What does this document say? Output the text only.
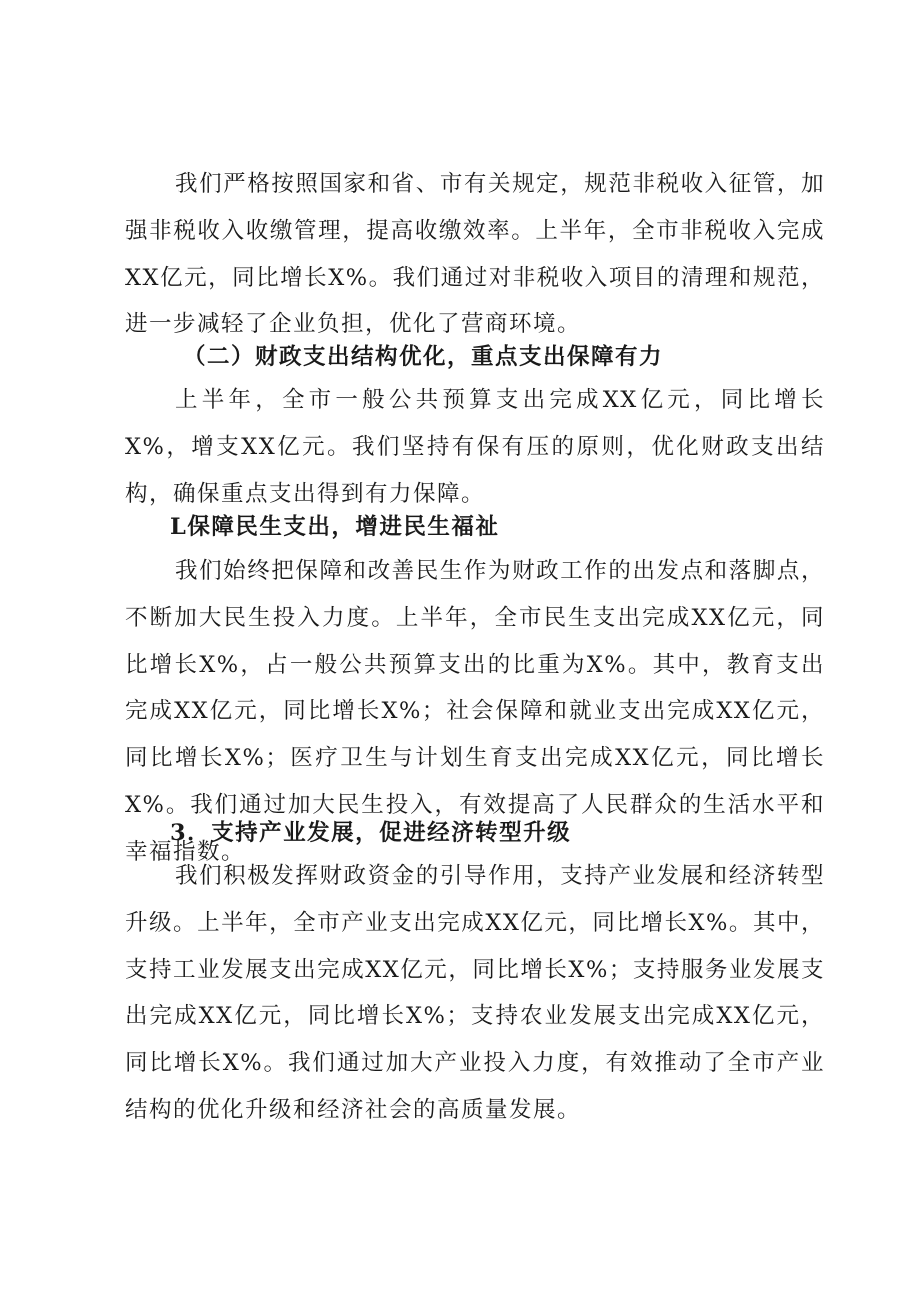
我们严格按照国家和省、市有关规定，规范非税收入征管，加强非税收入收缴管理，提高收缴效率。上半年，全市非税收入完成XX亿元，同比增长X%。我们通过对非税收入项目的清理和规范，进一步减轻了企业负担，优化了营商环境。

（二）财政支出结构优化，重点支出保障有力

上半年，全市一般公共预算支出完成XX亿元，同比增长X%，增支XX亿元。我们坚持有保有压的原则，优化财政支出结构，确保重点支出得到有力保障。

L保障民生支出，增进民生福祉

我们始终把保障和改善民生作为财政工作的出发点和落脚点，不断加大民生投入力度。上半年，全市民生支出完成XX亿元，同比增长X%，占一般公共预算支出的比重为X%。其中，教育支出完成XX亿元，同比增长X%；社会保障和就业支出完成XX亿元，同比增长X%；医疗卫生与计划生育支出完成XX亿元，同比增长X%。我们通过加大民生投入，有效提高了人民群众的生活水平和幸福指数。

3．支持产业发展，促进经济转型升级

我们积极发挥财政资金的引导作用，支持产业发展和经济转型升级。上半年，全市产业支出完成XX亿元，同比增长X%。其中，支持工业发展支出完成XX亿元，同比增长X%；支持服务业发展支出完成XX亿元，同比增长X%；支持农业发展支出完成XX亿元，同比增长X%。我们通过加大产业投入力度，有效推动了全市产业结构的优化升级和经济社会的高质量发展。
